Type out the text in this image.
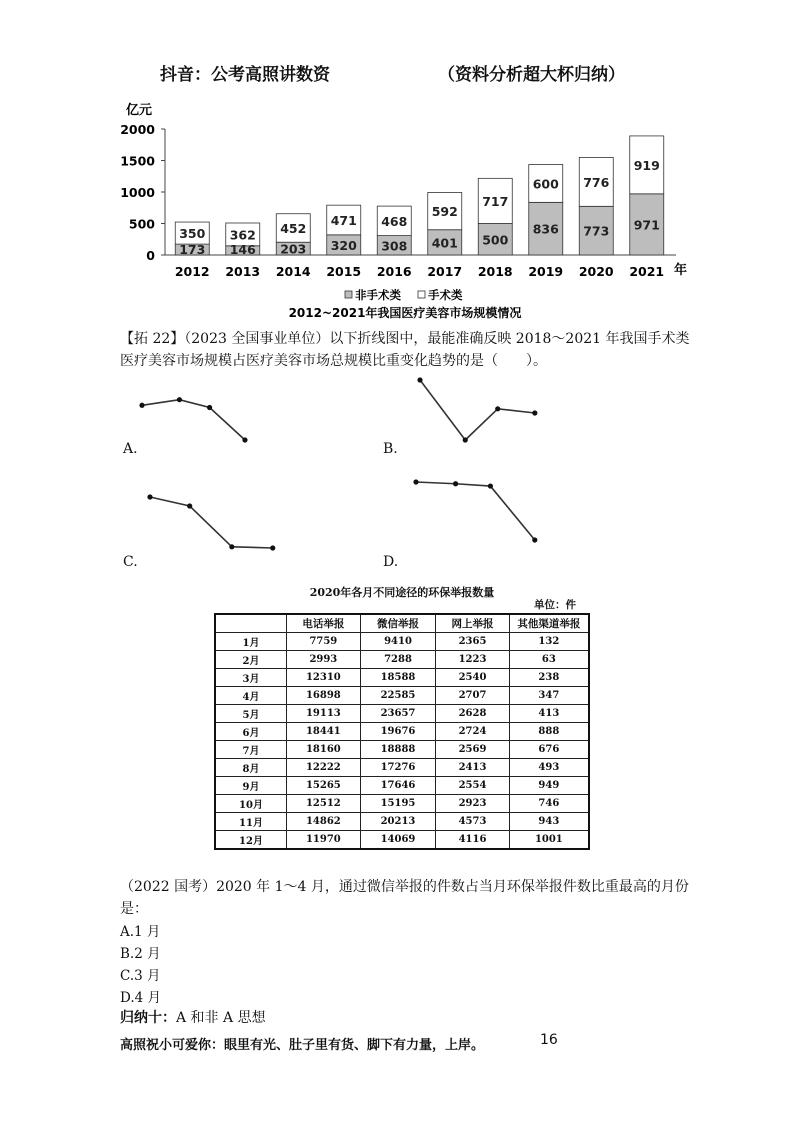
抖音：公考高照讲数资	（资料分析超大杯归纳）
亿元
0
500
1000
1500
2000
173
350
2012
146
362
2013
203
452
2014
320
471
2015
308
468
2016
401
592
2017
500
717
2018
836
600
2019
773
776
2020
971
919
2021 年
非手术类 手术类
2012~2021年我国医疗美容市场规模情况
【拓 22】（2023 全国事业单位）以下折线图中，最能准确反映 2018～2021 年我国手术类
医疗美容市场规模占医疗美容市场总规模比重变化趋势的是（　　）。
A.	B.
C.	D.
2020年各月不同途径的环保举报数量
单位：件
	电话举报	微信举报	网上举报	其他渠道举报
1月	7759	9410	2365	132
2月	2993	7288	1223	63
3月	12310	18588	2540	238
4月	16898	22585	2707	347
5月	19113	23657	2628	413
6月	18441	19676	2724	888
7月	18160	18888	2569	676
8月	12222	17276	2413	493
9月	15265	17646	2554	949
10月	12512	15195	2923	746
11月	14862	20213	4573	943
12月	11970	14069	4116	1001
（2022 国考）2020 年 1～4 月，通过微信举报的件数占当月环保举报件数比重最高的月份
是：
A.1 月
B.2 月
C.3 月
D.4 月
归纳十：A 和非 A 思想
高照祝小可爱你：眼里有光、肚子里有货、脚下有力量，上岸。	16
